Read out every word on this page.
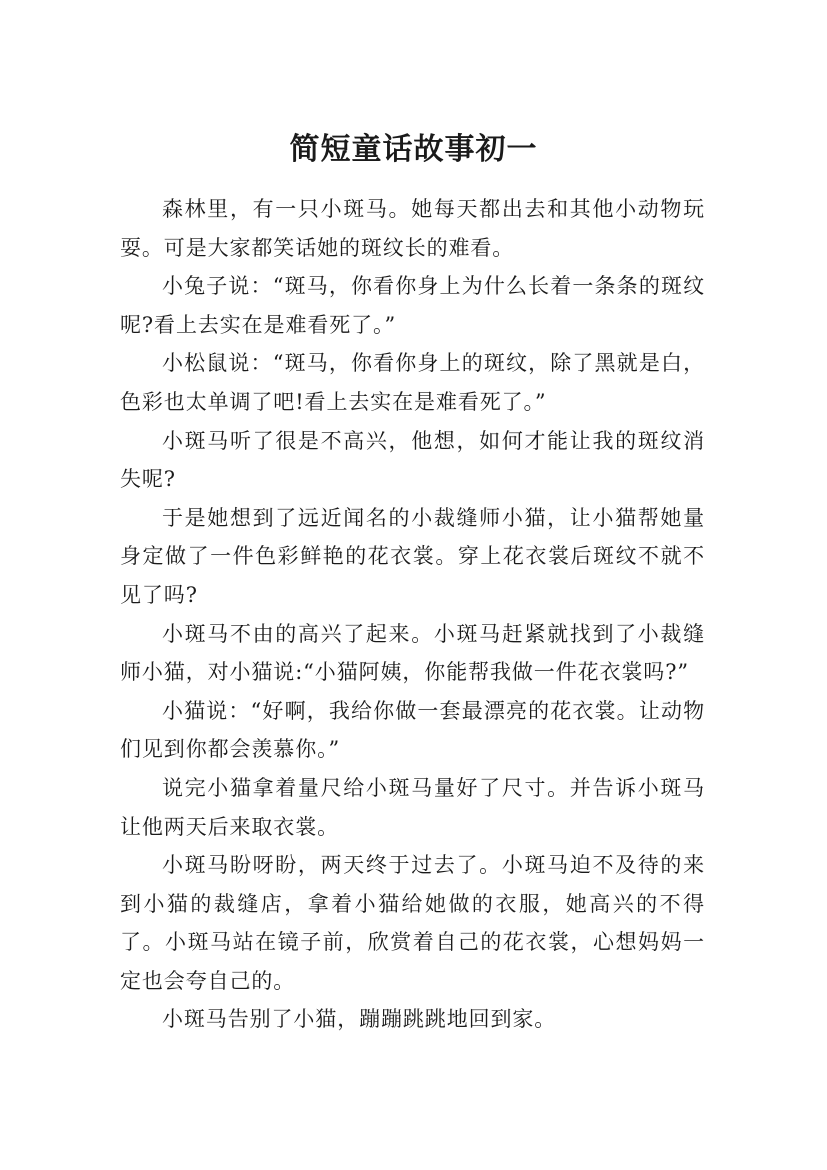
简短童话故事初一

森林里，有一只小斑马。她每天都出去和其他小动物玩耍。可是大家都笑话她的斑纹长的难看。

小兔子说：“斑马，你看你身上为什么长着一条条的斑纹呢?看上去实在是难看死了。”

小松鼠说：“斑马，你看你身上的斑纹，除了黑就是白，色彩也太单调了吧!看上去实在是难看死了。”

小斑马听了很是不高兴，他想，如何才能让我的斑纹消失呢?

于是她想到了远近闻名的小裁缝师小猫，让小猫帮她量身定做了一件色彩鲜艳的花衣裳。穿上花衣裳后斑纹不就不见了吗?

小斑马不由的高兴了起来。小斑马赶紧就找到了小裁缝师小猫，对小猫说:“小猫阿姨，你能帮我做一件花衣裳吗?”

小猫说：“好啊，我给你做一套最漂亮的花衣裳。让动物们见到你都会羡慕你。”

说完小猫拿着量尺给小斑马量好了尺寸。并告诉小斑马让他两天后来取衣裳。

小斑马盼呀盼，两天终于过去了。小斑马迫不及待的来到小猫的裁缝店，拿着小猫给她做的衣服，她高兴的不得了。小斑马站在镜子前，欣赏着自己的花衣裳，心想妈妈一定也会夸自己的。

小斑马告别了小猫，蹦蹦跳跳地回到家。
